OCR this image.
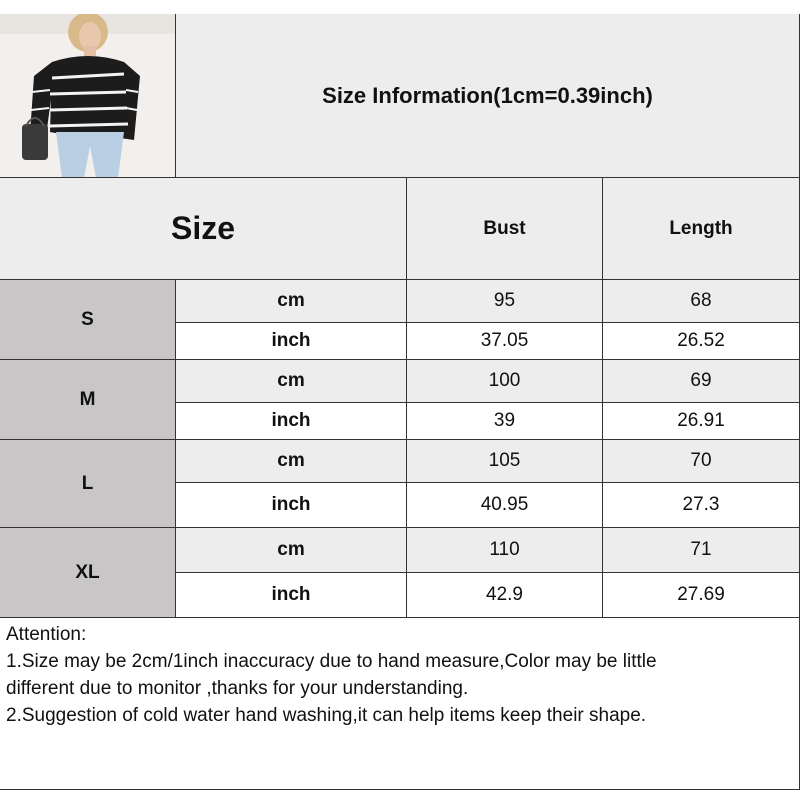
Size Information(1cm=0.39inch)
Size	Bust	Length
S
cm	95	68
inch	37.05	26.52
M
cm	100	69
inch	39	26.91
L
cm	105	70
inch	40.95	27.3
XL
cm	110	71
inch	42.9	27.69
Attention:
1.Size may be 2cm/1inch inaccuracy due to hand measure,Color may be little
different due to monitor ,thanks for your understanding.
2.Suggestion of cold water hand washing,it can help items keep their shape.
